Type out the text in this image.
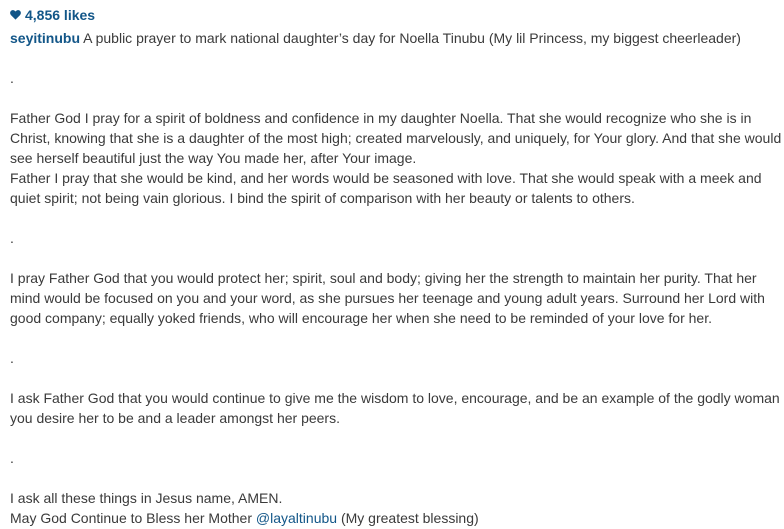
4,856 likes
seyitinubu A public prayer to mark national daughter’s day for Noella Tinubu (My lil Princess, my biggest cheerleader)

.

Father God I pray for a spirit of boldness and confidence in my daughter Noella. That she would recognize who she is in Christ, knowing that she is a daughter of the most high; created marvelously, and uniquely, for Your glory. And that she would see herself beautiful just the way You made her, after Your image.
Father I pray that she would be kind, and her words would be seasoned with love. That she would speak with a meek and quiet spirit; not being vain glorious. I bind the spirit of comparison with her beauty or talents to others.

.

I pray Father God that you would protect her; spirit, soul and body; giving her the strength to maintain her purity. That her mind would be focused on you and your word, as she pursues her teenage and young adult years. Surround her Lord with good company; equally yoked friends, who will encourage her when she need to be reminded of your love for her.

.

I ask Father God that you would continue to give me the wisdom to love, encourage, and be an example of the godly woman you desire her to be and a leader amongst her peers.

.

I ask all these things in Jesus name, AMEN.

May God Continue to Bless her Mother @layaltinubu (My greatest blessing)
